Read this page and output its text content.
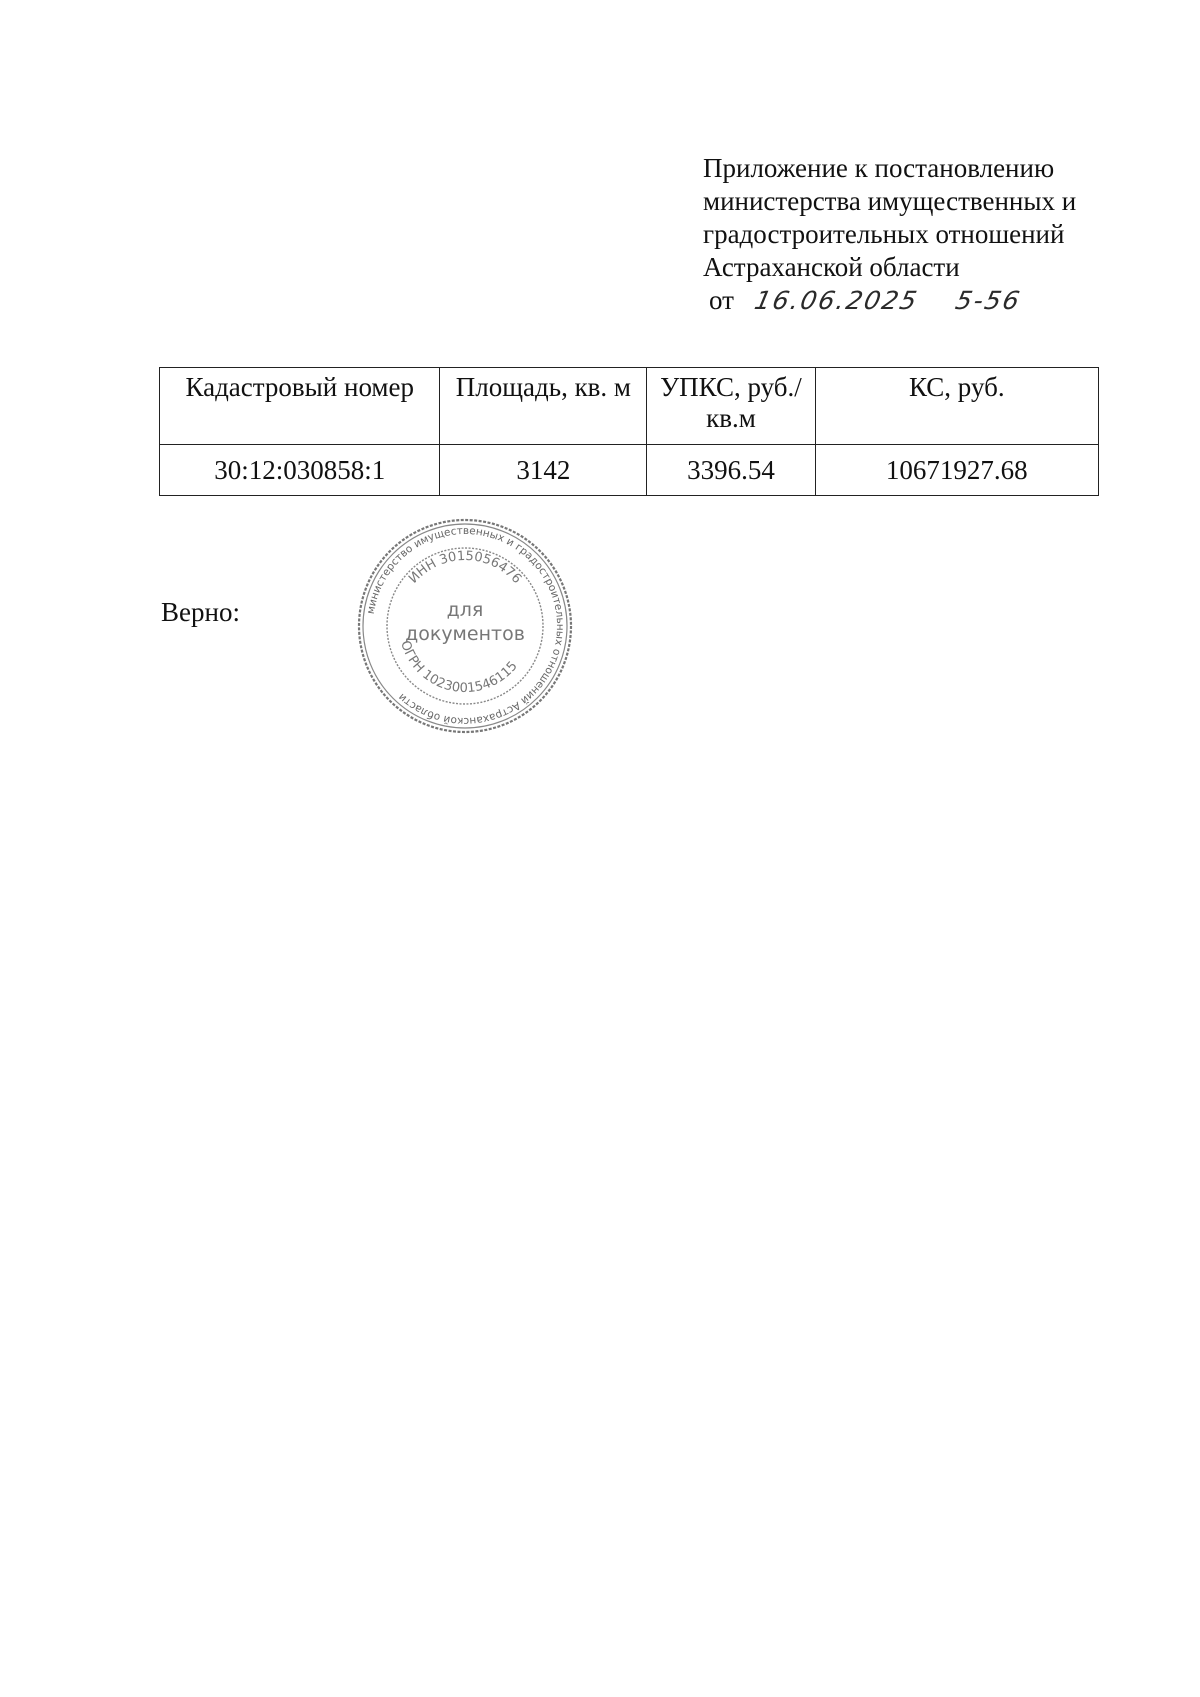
Приложение к постановлению
министерства имущественных и
градостроительных отношений
Астраханской области
от 16.06.2025 5-56
Кадастровый номер	Площадь, кв. м	УПКС, руб./кв.м	КС, руб.
30:12:030858:1	3142	3396.54	10671927.68
Верно:	министерство имущественных и градостроительных отношений Астраханской области
ИНН 3015056476
ОГРН 1023001546115
для
документов
